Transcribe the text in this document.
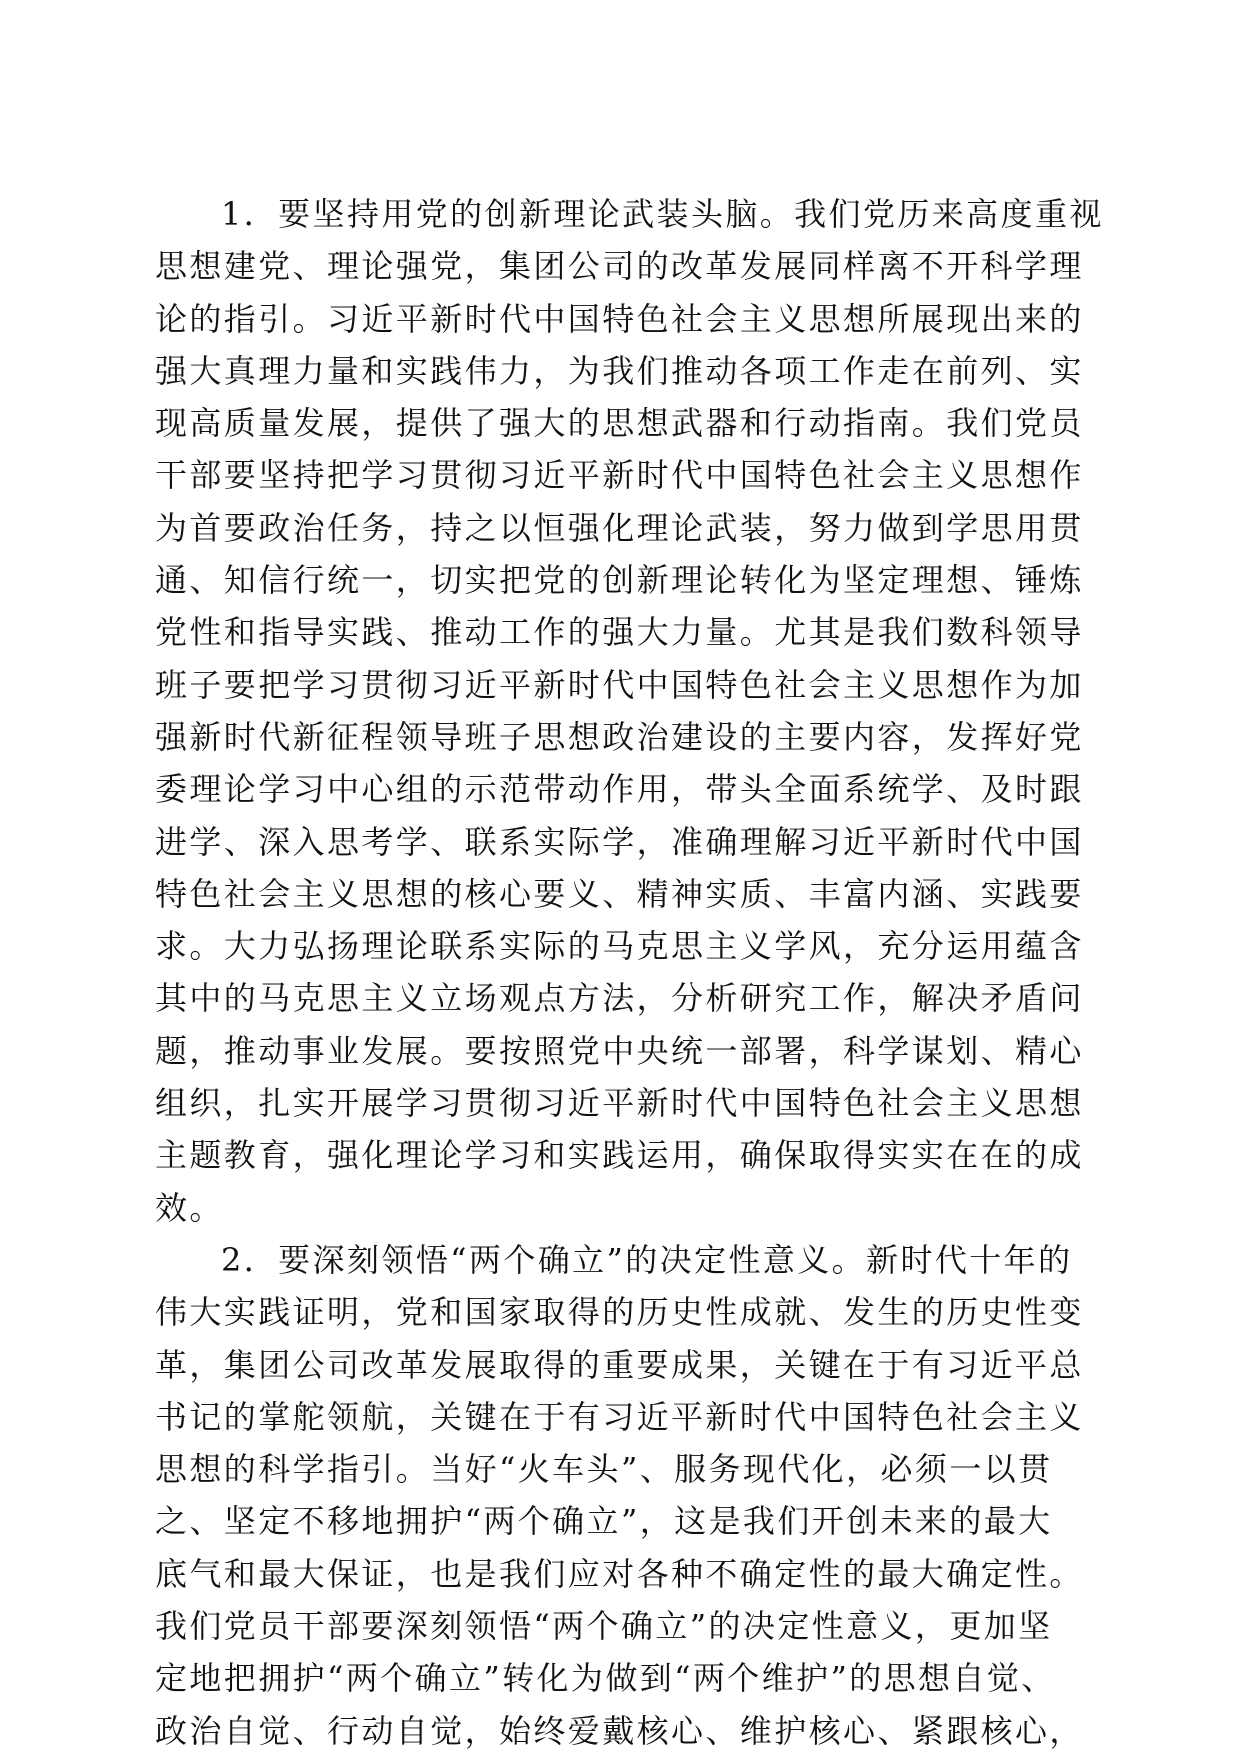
1．要坚持用党的创新理论武装头脑。我们党历来高度重视
思想建党、理论强党，集团公司的改革发展同样离不开科学理
论的指引。习近平新时代中国特色社会主义思想所展现出来的
强大真理力量和实践伟力，为我们推动各项工作走在前列、实
现高质量发展，提供了强大的思想武器和行动指南。我们党员
干部要坚持把学习贯彻习近平新时代中国特色社会主义思想作
为首要政治任务，持之以恒强化理论武装，努力做到学思用贯
通、知信行统一，切实把党的创新理论转化为坚定理想、锤炼
党性和指导实践、推动工作的强大力量。尤其是我们数科领导
班子要把学习贯彻习近平新时代中国特色社会主义思想作为加
强新时代新征程领导班子思想政治建设的主要内容，发挥好党
委理论学习中心组的示范带动作用，带头全面系统学、及时跟
进学、深入思考学、联系实际学，准确理解习近平新时代中国
特色社会主义思想的核心要义、精神实质、丰富内涵、实践要
求。大力弘扬理论联系实际的马克思主义学风，充分运用蕴含
其中的马克思主义立场观点方法，分析研究工作，解决矛盾问
题，推动事业发展。要按照党中央统一部署，科学谋划、精心
组织，扎实开展学习贯彻习近平新时代中国特色社会主义思想
主题教育，强化理论学习和实践运用，确保取得实实在在的成
效。
2．要深刻领悟“两个确立”的决定性意义。新时代十年的
伟大实践证明，党和国家取得的历史性成就、发生的历史性变
革，集团公司改革发展取得的重要成果，关键在于有习近平总
书记的掌舵领航，关键在于有习近平新时代中国特色社会主义
思想的科学指引。当好“火车头”、服务现代化，必须一以贯
之、坚定不移地拥护“两个确立”，这是我们开创未来的最大
底气和最大保证，也是我们应对各种不确定性的最大确定性。
我们党员干部要深刻领悟“两个确立”的决定性意义，更加坚
定地把拥护“两个确立”转化为做到“两个维护”的思想自觉、
政治自觉、行动自觉，始终爱戴核心、维护核心、紧跟核心，
